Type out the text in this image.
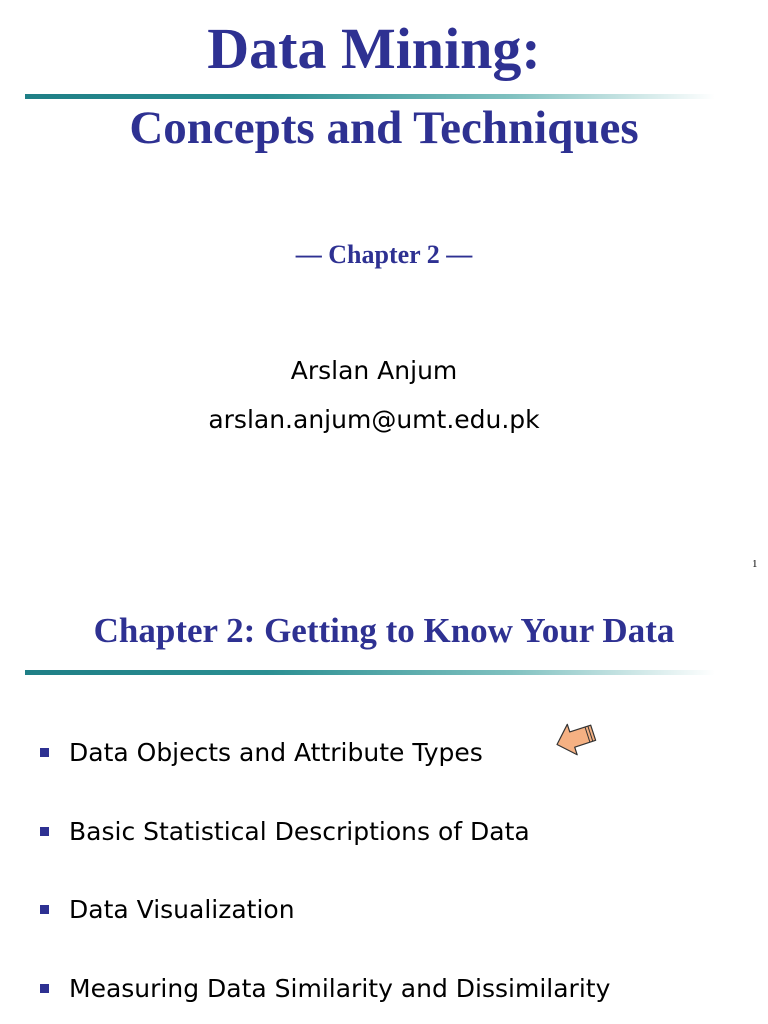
Data Mining:
Concepts and Techniques
— Chapter 2 —
Arslan Anjum
arslan.anjum@umt.edu.pk
1
Chapter 2: Getting to Know Your Data
Data Objects and Attribute Types
Basic Statistical Descriptions of Data
Data Visualization
Measuring Data Similarity and Dissimilarity
